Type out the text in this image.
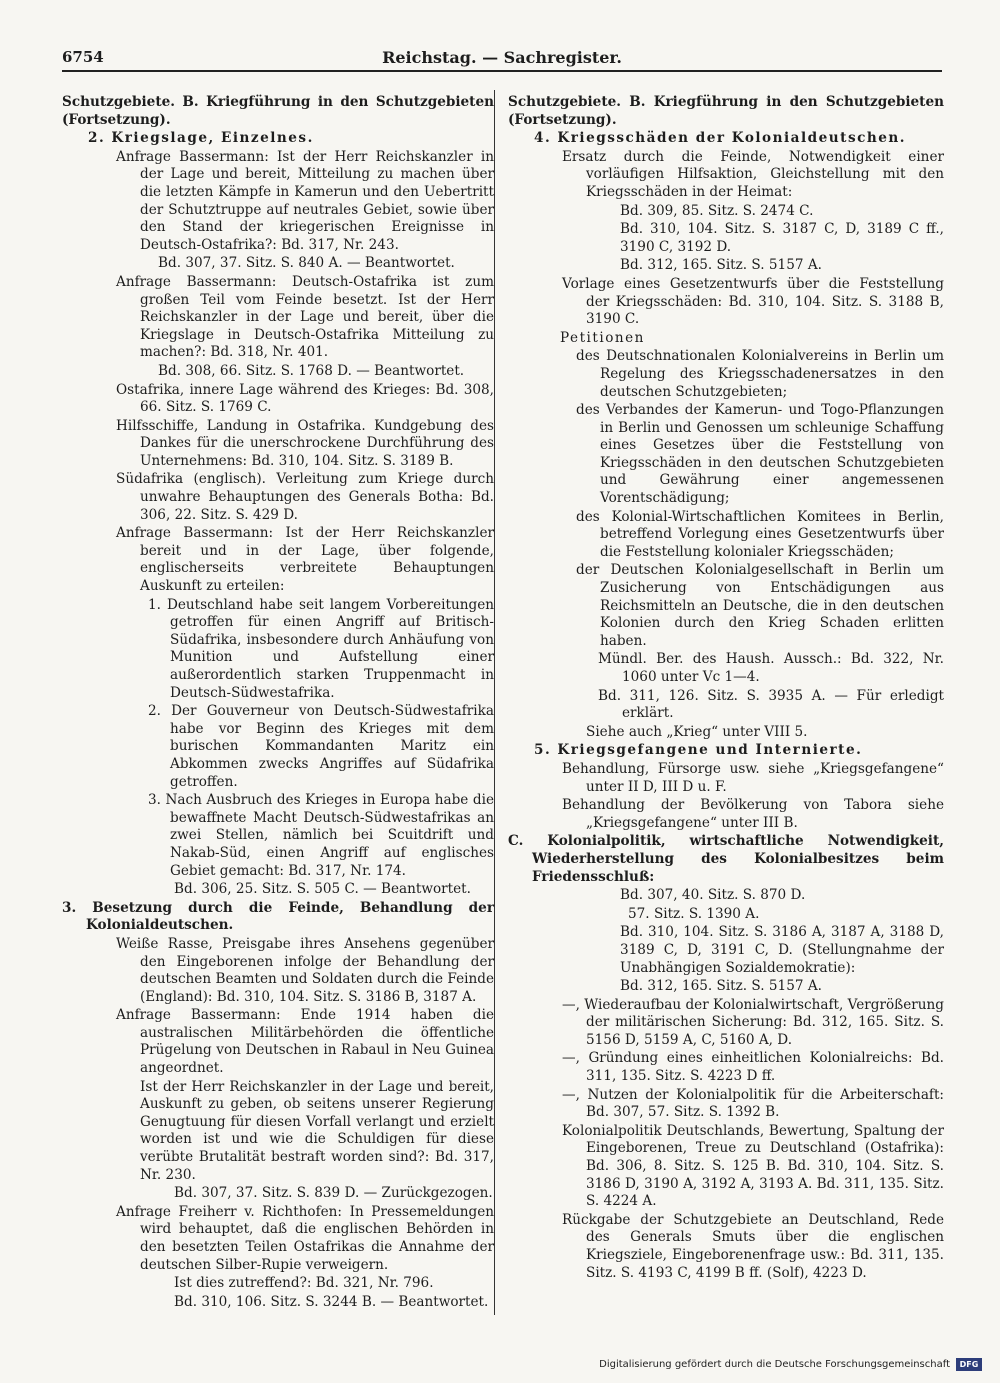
6754	Reichstag. — Sachregister.
Schutzgebiete. B. Kriegführung in den Schutzgebieten (Fortsetzung).
2. Kriegslage, Einzelnes.
Anfrage Bassermann: Ist der Herr Reichskanzler in der Lage und bereit, Mitteilung zu machen über die letzten Kämpfe in Kamerun und den Uebertritt der Schutztruppe auf neutrales Gebiet, sowie über den Stand der kriegerischen Ereignisse in Deutsch-Ostafrika?: Bd. 317, Nr. 243.
Bd. 307, 37. Sitz. S. 840 A. — Beantwortet.
Anfrage Bassermann: Deutsch-Ostafrika ist zum großen Teil vom Feinde besetzt. Ist der Herr Reichskanzler in der Lage und bereit, über die Kriegslage in Deutsch-Ostafrika Mitteilung zu machen?: Bd. 318, Nr. 401.
Bd. 308, 66. Sitz. S. 1768 D. — Beantwortet.
Ostafrika, innere Lage während des Krieges: Bd. 308, 66. Sitz. S. 1769 C.
Hilfsschiffe, Landung in Ostafrika. Kundgebung des Dankes für die unerschrockene Durchführung des Unternehmens: Bd. 310, 104. Sitz. S. 3189 B.
Südafrika (englisch). Verleitung zum Kriege durch unwahre Behauptungen des Generals Botha: Bd. 306, 22. Sitz. S. 429 D.
Anfrage Bassermann: Ist der Herr Reichskanzler bereit und in der Lage, über folgende, englischerseits verbreitete Behauptungen Auskunft zu erteilen:
1. Deutschland habe seit langem Vorbereitungen getroffen für einen Angriff auf Britisch-Südafrika, insbesondere durch Anhäufung von Munition und Aufstellung einer außerordentlich starken Truppenmacht in Deutsch-Südwestafrika.
2. Der Gouverneur von Deutsch-Südwestafrika habe vor Beginn des Krieges mit dem burischen Kommandanten Maritz ein Abkommen zwecks Angriffes auf Südafrika getroffen.
3. Nach Ausbruch des Krieges in Europa habe die bewaffnete Macht Deutsch-Südwestafrikas an zwei Stellen, nämlich bei Scuitdrift und Nakab-Süd, einen Angriff auf englisches Gebiet gemacht: Bd. 317, Nr. 174.
Bd. 306, 25. Sitz. S. 505 C. — Beantwortet.
3. Besetzung durch die Feinde, Behandlung der Kolonialdeutschen.
Weiße Rasse, Preisgabe ihres Ansehens gegenüber den Eingeborenen infolge der Behandlung der deutschen Beamten und Soldaten durch die Feinde (England): Bd. 310, 104. Sitz. S. 3186 B, 3187 A.
Anfrage Bassermann: Ende 1914 haben die australischen Militärbehörden die öffentliche Prügelung von Deutschen in Rabaul in Neu Guinea angeordnet.
Ist der Herr Reichskanzler in der Lage und bereit, Auskunft zu geben, ob seitens unserer Regierung Genugtuung für diesen Vorfall verlangt und erzielt worden ist und wie die Schuldigen für diese verübte Brutalität bestraft worden sind?: Bd. 317, Nr. 230.
Bd. 307, 37. Sitz. S. 839 D. — Zurückgezogen.
Anfrage Freiherr v. Richthofen: In Pressemeldungen wird behauptet, daß die englischen Behörden in den besetzten Teilen Ostafrikas die Annahme der deutschen Silber-Rupie verweigern.
Ist dies zutreffend?: Bd. 321, Nr. 796.
Bd. 310, 106. Sitz. S. 3244 B. — Beantwortet.
Schutzgebiete. B. Kriegführung in den Schutzgebieten (Fortsetzung).
4. Kriegsschäden der Kolonialdeutschen.
Ersatz durch die Feinde, Notwendigkeit einer vorläufigen Hilfsaktion, Gleichstellung mit den Kriegsschäden in der Heimat:
Bd. 309, 85. Sitz. S. 2474 C.
Bd. 310, 104. Sitz. S. 3187 C, D, 3189 C ff., 3190 C, 3192 D.
Bd. 312, 165. Sitz. S. 5157 A.
Vorlage eines Gesetzentwurfs über die Feststellung der Kriegsschäden: Bd. 310, 104. Sitz. S. 3188 B, 3190 C.
Petitionen
des Deutschnationalen Kolonialvereins in Berlin um Regelung des Kriegsschadenersatzes in den deutschen Schutzgebieten;
des Verbandes der Kamerun- und Togo-Pflanzungen in Berlin und Genossen um schleunige Schaffung eines Gesetzes über die Feststellung von Kriegsschäden in den deutschen Schutzgebieten und Gewährung einer angemessenen Vorentschädigung;
des Kolonial-Wirtschaftlichen Komitees in Berlin, betreffend Vorlegung eines Gesetzentwurfs über die Feststellung kolonialer Kriegsschäden;
der Deutschen Kolonialgesellschaft in Berlin um Zusicherung von Entschädigungen aus Reichsmitteln an Deutsche, die in den deutschen Kolonien durch den Krieg Schaden erlitten haben.
Mündl. Ber. des Haush. Aussch.: Bd. 322, Nr. 1060 unter Vc 1—4.
Bd. 311, 126. Sitz. S. 3935 A. — Für erledigt erklärt.
Siehe auch „Krieg“ unter VIII 5.
5. Kriegsgefangene und Internierte.
Behandlung, Fürsorge usw. siehe „Kriegsgefangene“ unter II D, III D u. F.
Behandlung der Bevölkerung von Tabora siehe „Kriegsgefangene“ unter III B.
C. Kolonialpolitik, wirtschaftliche Notwendigkeit, Wiederherstellung des Kolonialbesitzes beim Friedensschluß:
Bd. 307, 40. Sitz. S. 870 D.
57. Sitz. S. 1390 A.
Bd. 310, 104. Sitz. S. 3186 A, 3187 A, 3188 D, 3189 C, D, 3191 C, D. (Stellungnahme der Unabhängigen Sozialdemokratie):
Bd. 312, 165. Sitz. S. 5157 A.
—, Wiederaufbau der Kolonialwirtschaft, Vergrößerung der militärischen Sicherung: Bd. 312, 165. Sitz. S. 5156 D, 5159 A, C, 5160 A, D.
—, Gründung eines einheitlichen Kolonialreichs: Bd. 311, 135. Sitz. S. 4223 D ff.
—, Nutzen der Kolonialpolitik für die Arbeiterschaft: Bd. 307, 57. Sitz. S. 1392 B.
Kolonialpolitik Deutschlands, Bewertung, Spaltung der Eingeborenen, Treue zu Deutschland (Ostafrika): Bd. 306, 8. Sitz. S. 125 B. Bd. 310, 104. Sitz. S. 3186 D, 3190 A, 3192 A, 3193 A. Bd. 311, 135. Sitz. S. 4224 A.
Rückgabe der Schutzgebiete an Deutschland, Rede des Generals Smuts über die englischen Kriegsziele, Eingeborenenfrage usw.: Bd. 311, 135. Sitz. S. 4193 C, 4199 B ff. (Solf), 4223 D.
Digitalisierung gefördert durch die Deutsche Forschungsgemeinschaft	DFG
